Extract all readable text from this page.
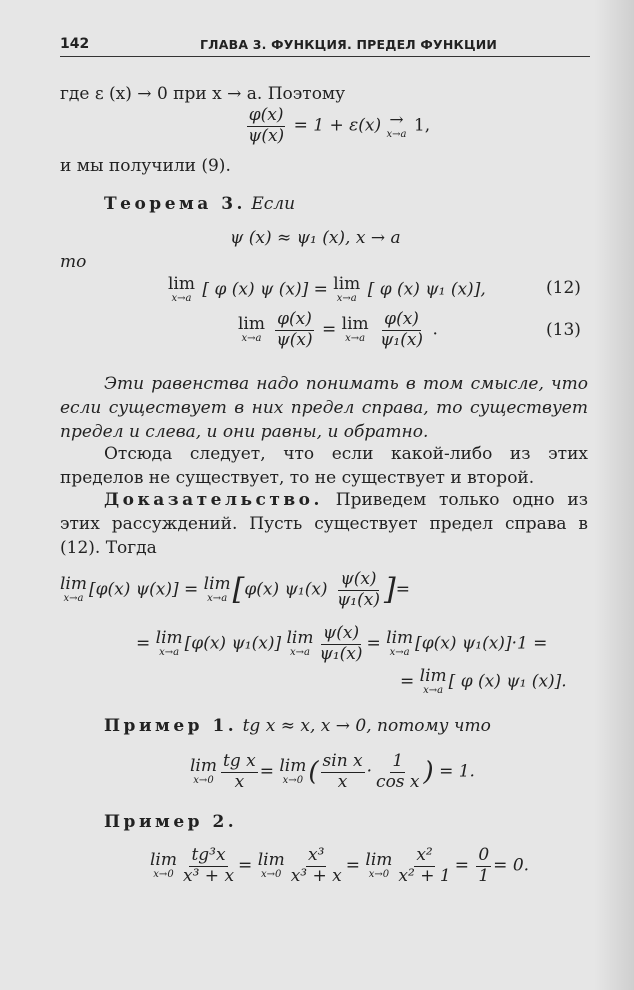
142	ГЛАВА 3. ФУНКЦИЯ. ПРЕДЕЛ ФУНКЦИИ
где ε (x) → 0 при x → a. Поэтому
$\frac{\varphi(x)}{\psi(x)} = 1 + \varepsilon(x)$ →
x→a 1,
и мы получили (9).
Теорема 3. Если
ψ (x) ≈ ψ₁ (x), x → a
то
lim
x→a [ φ (x) ψ (x)] = lim
x→a [ φ (x) ψ₁ (x)],	(12)
lim
x→a
$\frac{\varphi(x)}{\psi(x)} = \lim$
x→a
$\frac{\varphi(x)}{\text{ψ₁(x)}}$ .	(13)
Эти равенства надо понимать в том смысле, что если существует в них предел справа, то существует предел и слева, и они равны, и обратно.
Отсюда следует, что если какой-либо из этих пределов не существует, то не существует и второй.
Доказательство. Приведем только одно из этих рассуждений. Пусть существует предел справа в (12). Тогда
lim
x→a [φ(x) ψ(x)] = lim
x→a [φ(x) $\psi_1(x) \frac{\psi(x)}{\text{ψ₁(x)}}$ ]=
= lim
x→a [φ(x) ψ₁(x)] lim
$x\to a \frac{\psi(x)}{\text{ψ₁(x)}} = \lim$
x→a [φ(x) ψ₁(x)]·1 =
= lim
x→a [ φ (x) ψ₁ (x)].
Пример 1. tg x ≈ x, x → 0, потому что
lim
$x\to 0 \frac{\text{tg x}}{x} = \lim$
x→0 ( $\frac{\text{sin x}}{x} \cdot \frac{1}{\text{cos x}}$ ) = 1.
Пример 2.
lim
$x\to 0 \frac{\text{tg³x}}{\text{x³ + x}} = \lim$
$x\to 0 \frac{\text{x³}}{\text{x³ + x}} = \lim$
$x\to 0 \frac{\text{x²}}{\text{x² + 1}} = \frac{0}{1} = 0$.
